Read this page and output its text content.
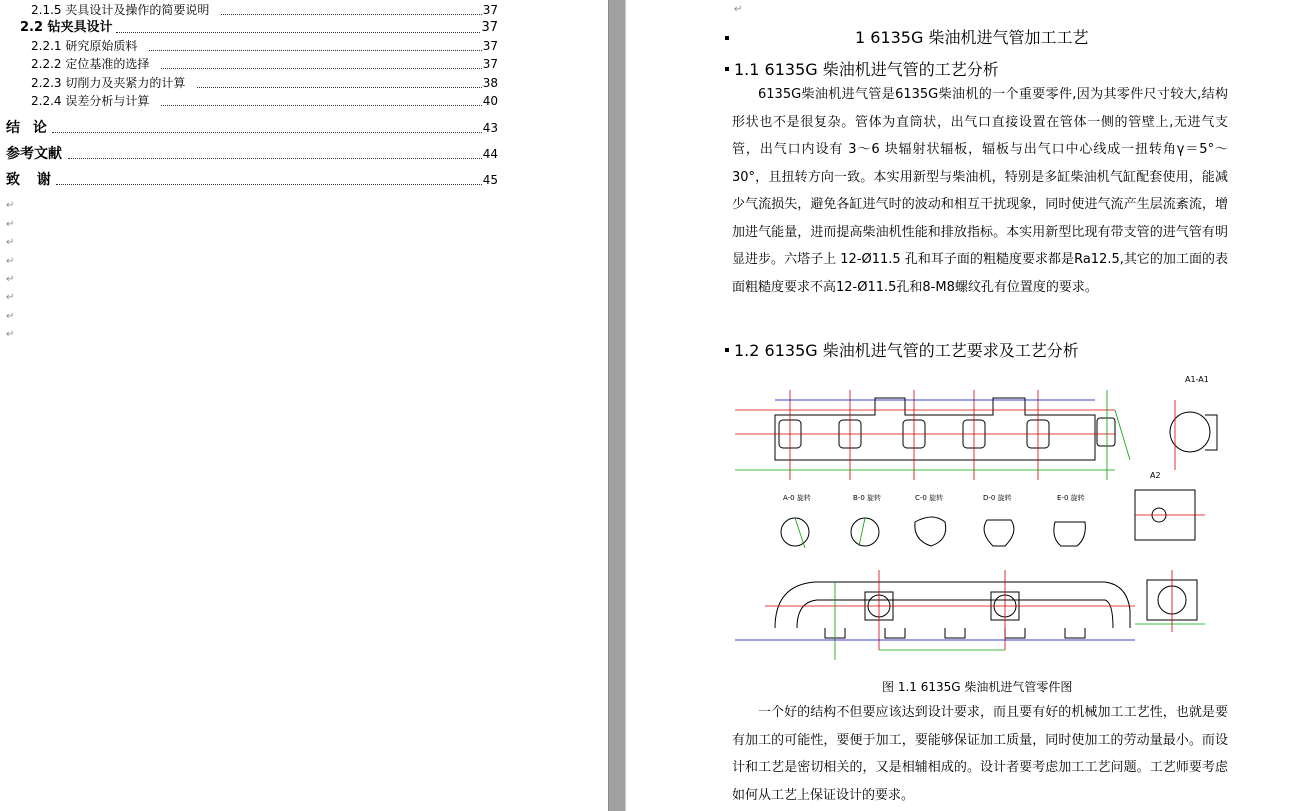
2.1.5 夹具设计及操作的简要说明	37
2.2 钻夹具设计	37
2.2.1 研究原始质料	37
2.2.2 定位基准的选择	37
2.2.3 切削力及夹紧力的计算	38
2.2.4 误差分析与计算	40
结 论	43
参考文献	44
致 谢	45
↵
↵
↵
↵
↵
↵
↵
↵
↵
1 6135G 柴油机进气管加工工艺
1.1 6135G 柴油机进气管的工艺分析

6135G柴油机进气管是6135G柴油机的一个重要零件,因为其零件尺寸较大,结构形状也不是很复杂。管体为直筒状，出气口直接设置在管体一侧的管壁上,无进气支管，出气口内设有 3～6 块辐射状辐板，辐板与出气口中心线成一扭转角γ＝5°～30°，且扭转方向一致。本实用新型与柴油机，特别是多缸柴油机气缸配套使用，能减少气流损失，避免各缸进气时的波动和相互干扰现象，同时使进气流产生层流紊流，增加进气能量，进而提高柴油机性能和排放指标。本实用新型比现有带支管的进气管有明显进步。六塔子上 12-Ø11.5 孔和耳子面的粗糙度要求都是Ra12.5,其它的加工面的表面粗糙度要求不高12-Ø11.5孔和8-M8螺纹孔有位置度的要求。

1.2 6135G 柴油机进气管的工艺要求及工艺分析
A1-A1
A2
A-0 旋转	B-0 旋转	C-0 旋转	D-0 旋转	E-0 旋转
图 1.1 6135G 柴油机进气管零件图

一个好的结构不但要应该达到设计要求，而且要有好的机械加工工艺性，也就是要有加工的可能性，要便于加工，要能够保证加工质量，同时使加工的劳动量最小。而设计和工艺是密切相关的，又是相辅相成的。设计者要考虑加工工艺问题。工艺师要考虑如何从工艺上保证设计的要求。
